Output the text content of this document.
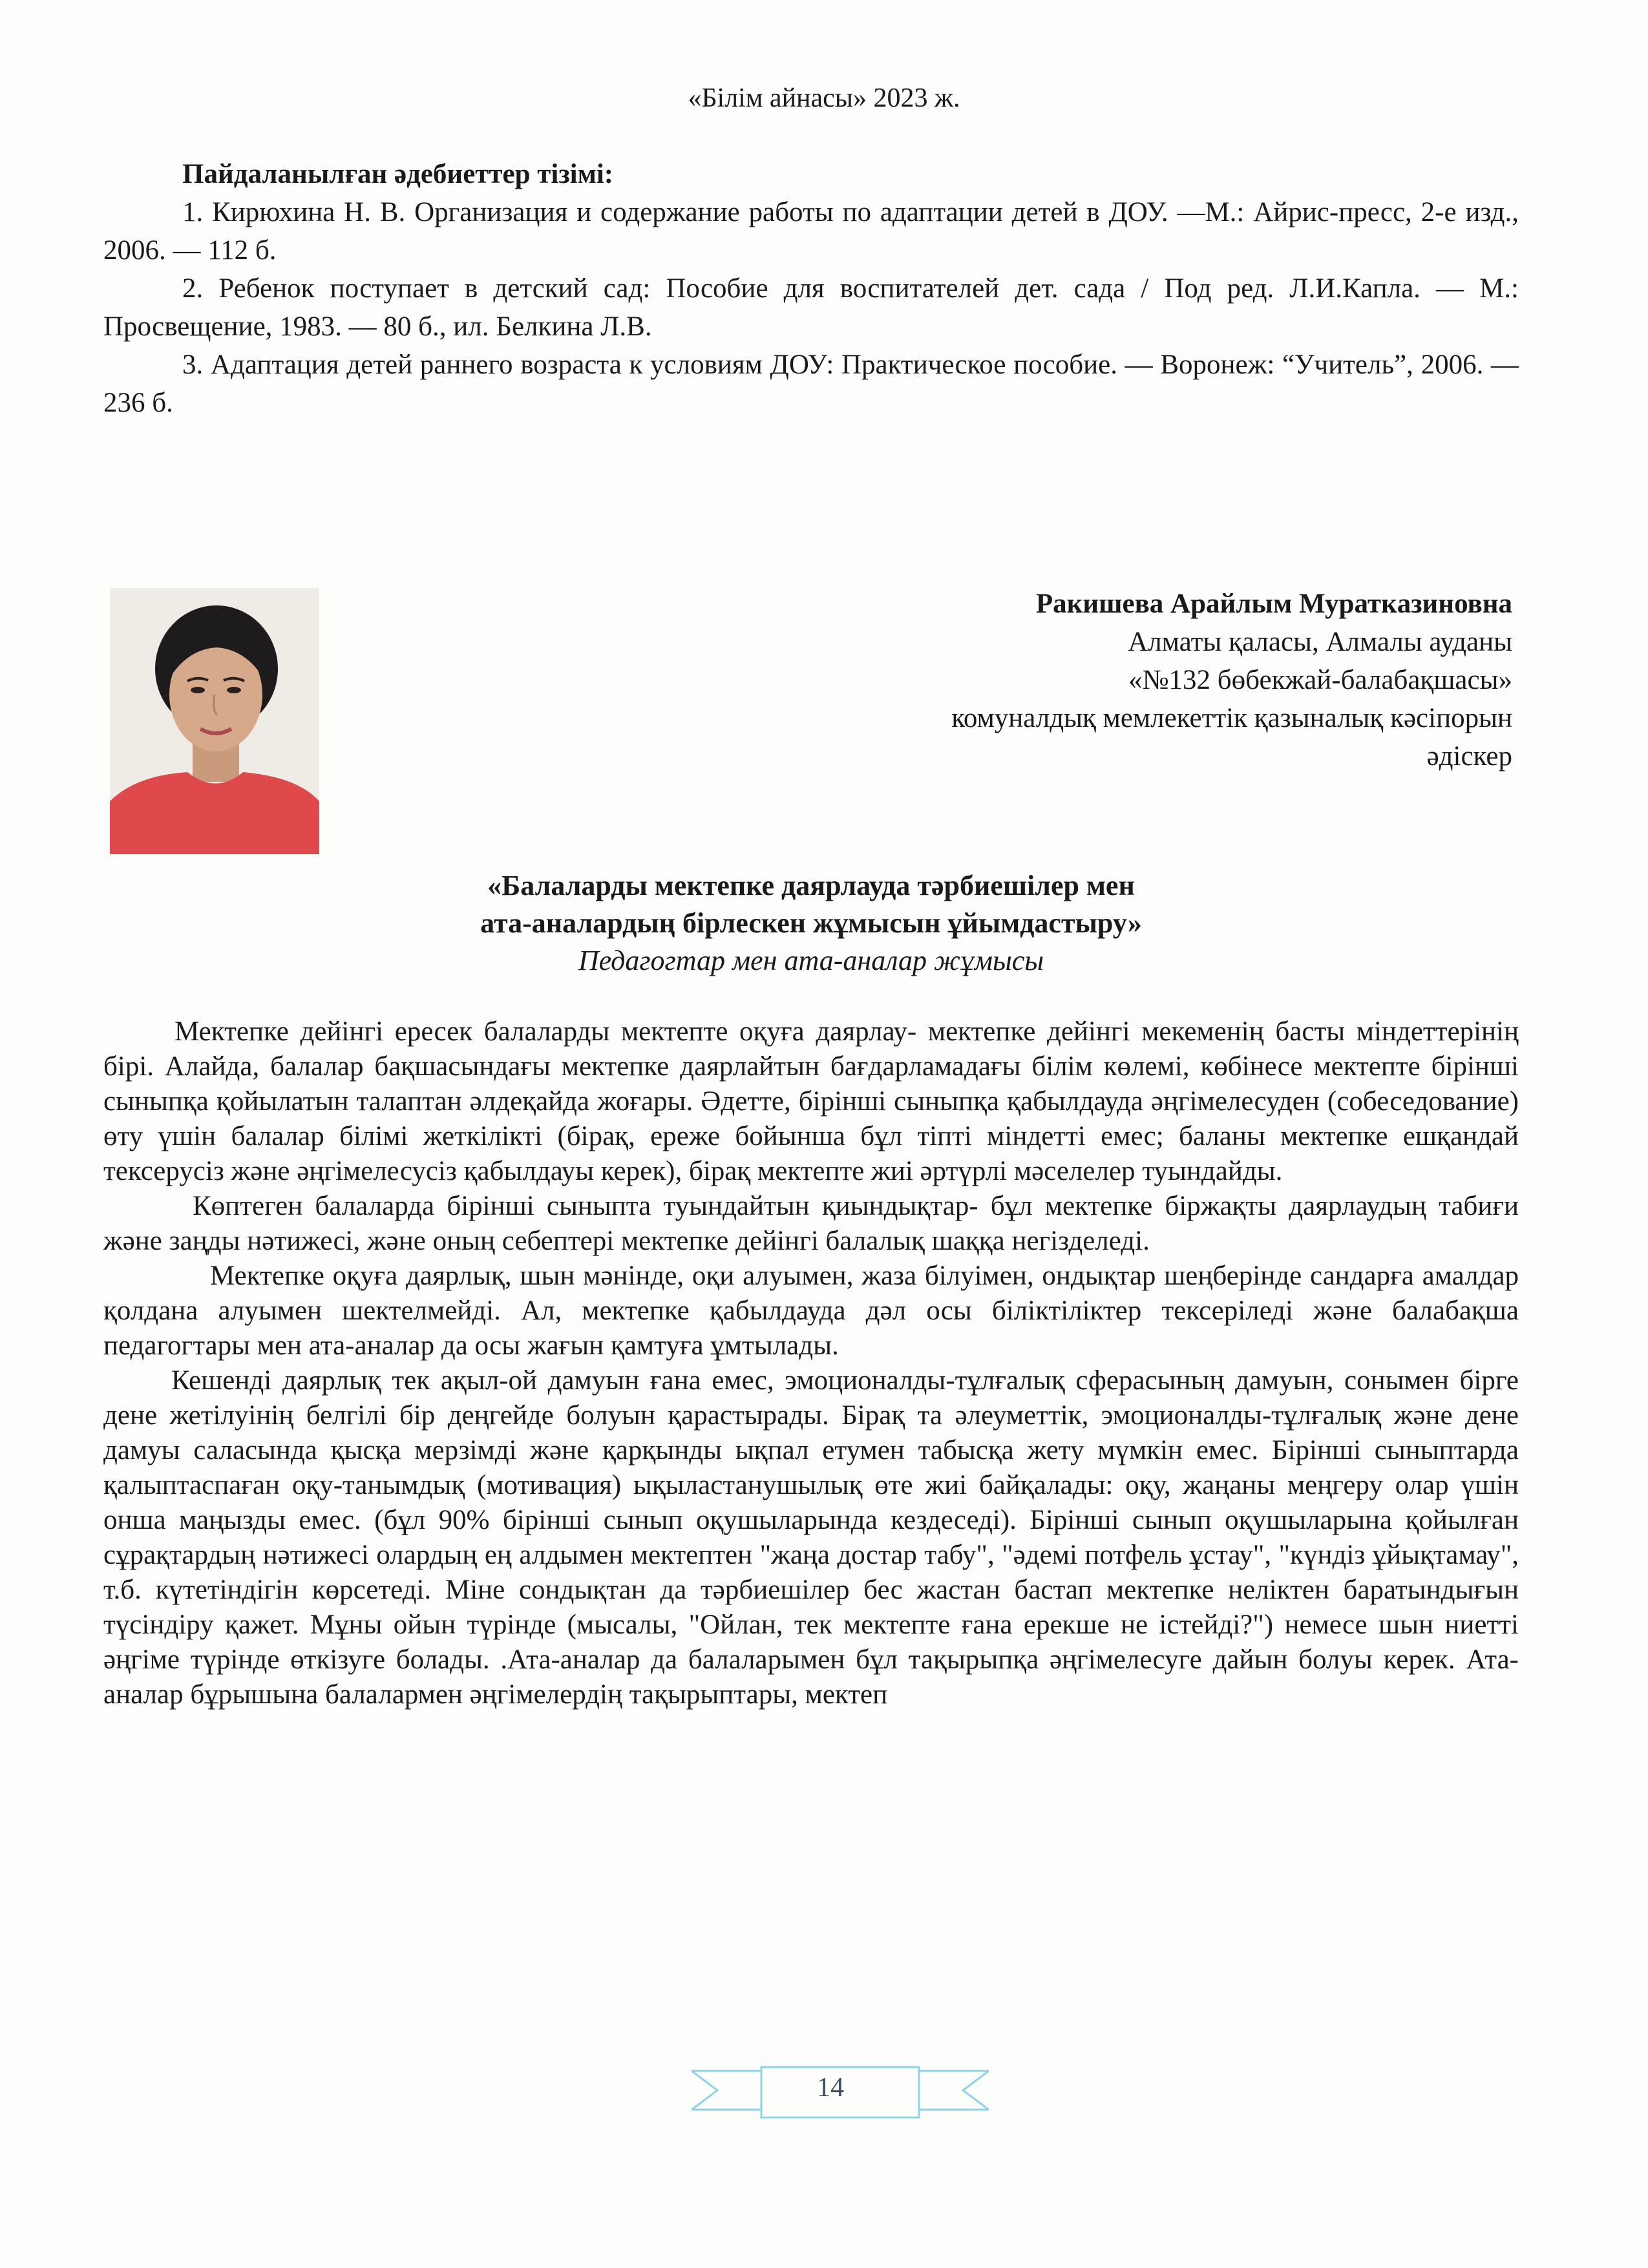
«Білім айнасы» 2023 ж.

Пайдаланылған әдебиеттер тізімі:

1. Кирюхина Н. В. Организация и содержание работы по адаптации детей в ДОУ. —М.: Айрис-пресс, 2-е изд., 2006. — 112 б.

2. Ребенок поступает в детский сад: Пособие для воспитателей дет. сада / Под ред. Л.И.Капла. — М.: Просвещение, 1983. — 80 б., ил. Белкина Л.В.

3. Адаптация детей раннего возраста к условиям ДОУ: Практическое пособие. — Воронеж: “Учитель”, 2006. — 236 б.

Ракишева Арайлым Мураткaзиновна

Алматы қаласы, Алмалы ауданы

«№132 бөбекжай-балабақшасы»

комуналдық мемлекеттік қазыналық кәсіпорын

әдіскер

«Балаларды мектепке даярлауда тәрбиешілер мен

ата-аналардың бірлескен жұмысын ұйымдастыру»

Педагогтар мен ата-аналар жұмысы

Мектепке дейінгі ересек балаларды мектепте оқуға даярлау- мектепке дейінгі мекеменің басты міндеттерінің бірі. Алайда, балалар бақшасындағы мектепке даярлайтын бағдарламадағы білім көлемі, көбінесе мектепте бірінші сыныпқа қойылатын талаптан әлдеқайда жоғары. Әдетте, бірінші сыныпқа қабылдауда әңгімелесуден (собеседование) өту үшін балалар білімі жеткілікті (бірақ, ереже бойынша бұл тіпті міндетті емес; баланы мектепке ешқандай тексерусіз және әңгімелесусіз қабылдауы керек), бірақ мектепте жиі әртүрлі мәселелер туындайды.

Көптеген балаларда бірінші сыныпта туындайтын қиындықтар- бұл мектепке біржақты даярлаудың табиғи және заңды нәтижесі, және оның себептері мектепке дейінгі балалық шаққа негізделеді.

Мектепке оқуға даярлық, шын мәнінде, оқи алуымен, жаза білуімен, ондықтар шеңберінде сандарға амалдар қолдана алуымен шектелмейді. Ал, мектепке қабылдауда дәл осы біліктіліктер тексеріледі және балабақша педагогтары мен ата-аналар да осы жағын қамтуға ұмтылады.

Кешенді даярлық тек ақыл-ой дамуын ғана емес, эмоционалды-тұлғалық сферасының дамуын, сонымен бірге дене жетілуінің белгілі бір деңгейде болуын қарастырады. Бірақ та әлеуметтік, эмоционалды-тұлғалық және дене дамуы саласында қысқа мерзімді және қарқынды ықпал етумен табысқа жету мүмкін емес. Бірінші сыныптарда қалыптаспаған оқу-танымдық (мотивация) ықыластанушылық өте жиі байқалады: оқу, жаңаны меңгеру олар үшін онша маңызды емес. (бұл 90% бірінші сынып оқушыларында кездеседі). Бірінші сынып оқушыларына қойылған сұрақтардың нәтижесі олардың ең алдымен мектептен "жаңа достар табу", "әдемі потфель ұстау", "күндіз ұйықтамау", т.б. күтетіндігін көрсетеді. Міне сондықтан да тәрбиешілер бес жастан бастап мектепке неліктен баратындығын түсіндіру қажет. Мұны ойын түрінде (мысалы, "Ойлан, тек мектепте ғана ерекше не істейді?") немесе шын ниетті әңгіме түрінде өткізуге болады. .Ата-аналар да балаларымен бұл тақырыпқа әңгімелесуге дайын болуы керек. Ата-аналар бұрышына балалармен әңгімелердің тақырыптары, мектеп

14
